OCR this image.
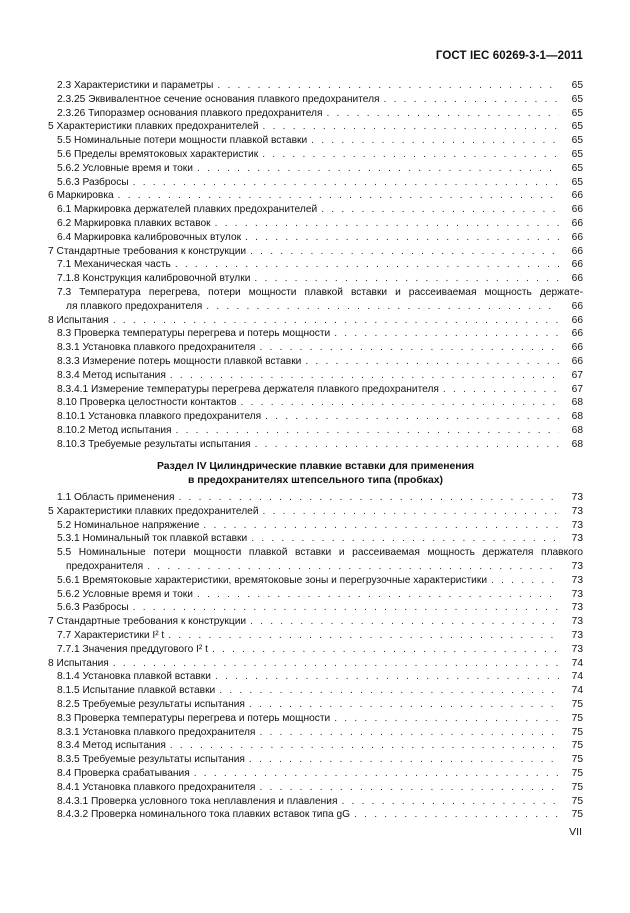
ГОСТ IEC 60269-3-1—2011
2.3 Характеристики и параметры . . .	65
2.3.25 Эквивалентное сечение основания плавкого предохранителя . . .	65
2.3.26 Типоразмер основания плавкого предохранителя . . .	65
5 Характеристики плавких предохранителей . . .	65
5.5 Номинальные потери мощности плавкой вставки . . .	65
5.6 Пределы времятоковых характеристик . . .	65
5.6.2 Условные время и токи . . .	65
5.6.3 Разбросы . . .	65
6 Маркировка . . .	66
6.1 Маркировка держателей плавких предохранителей . . .	66
6.2 Маркировка плавких вставок . . .	66
6.4 Маркировка калибровочных втулок . . .	66
7 Стандартные требования к конструкции . . .	66
7.1 Механическая часть . . .	66
7.1.8 Конструкция калибровочной втулки . . .	66
7.3 Температура перегрева, потери мощности плавкой вставки и рассеиваемая мощность держате-
ля плавкого предохранителя . . .	66
8 Испытания . . .	66
8.3 Проверка температуры перегрева и потерь мощности . . .	66
8.3.1 Установка плавкого предохранителя . . .	66
8.3.3 Измерение потерь мощности плавкой вставки . . .	66
8.3.4 Метод испытания . . .	67
8.3.4.1 Измерение температуры перегрева держателя плавкого предохранителя . . .	67
8.10 Проверка целостности контактов . . .	68
8.10.1 Установка плавкого предохранителя . . .	68
8.10.2 Метод испытания . . .	68
8.10.3 Требуемые результаты испытания . . .	68
Раздел IV Цилиндрические плавкие вставки для применения
в предохранителях штепсельного типа (пробках)
1.1 Область применения . . .	73
5 Характеристики плавких предохранителей . . .	73
5.2 Номинальное напряжение . . .	73
5.3.1 Номинальный ток плавкой вставки . . .	73
5.5 Номинальные потери мощности плавкой вставки и рассеиваемая мощность держателя плавкого
предохранителя . . .	73
5.6.1 Времятоковые характеристики, времятоковые зоны и перегрузочные характеристики . . .	73
5.6.2 Условные время и токи . . .	73
5.6.3 Разбросы . . .	73
7 Стандартные требования к конструкции . . .	73
7.7 Характеристики I² t . . .	73
7.7.1 Значения преддугового I² t . . .	73
8 Испытания . . .	74
8.1.4 Установка плавкой вставки . . .	74
8.1.5 Испытание плавкой вставки . . .	74
8.2.5 Требуемые результаты испытания . . .	75
8.3 Проверка температуры перегрева и потерь мощности . . .	75
8.3.1 Установка плавкого предохранителя . . .	75
8.3.4 Метод испытания . . .	75
8.3.5 Требуемые результаты испытания . . .	75
8.4 Проверка срабатывания . . .	75
8.4.1 Установка плавкого предохранителя . . .	75
8.4.3.1 Проверка условного тока неплавления и плавления . . .	75
8.4.3.2 Проверка номинального тока плавких вставок типа gG . . .	75
VII
